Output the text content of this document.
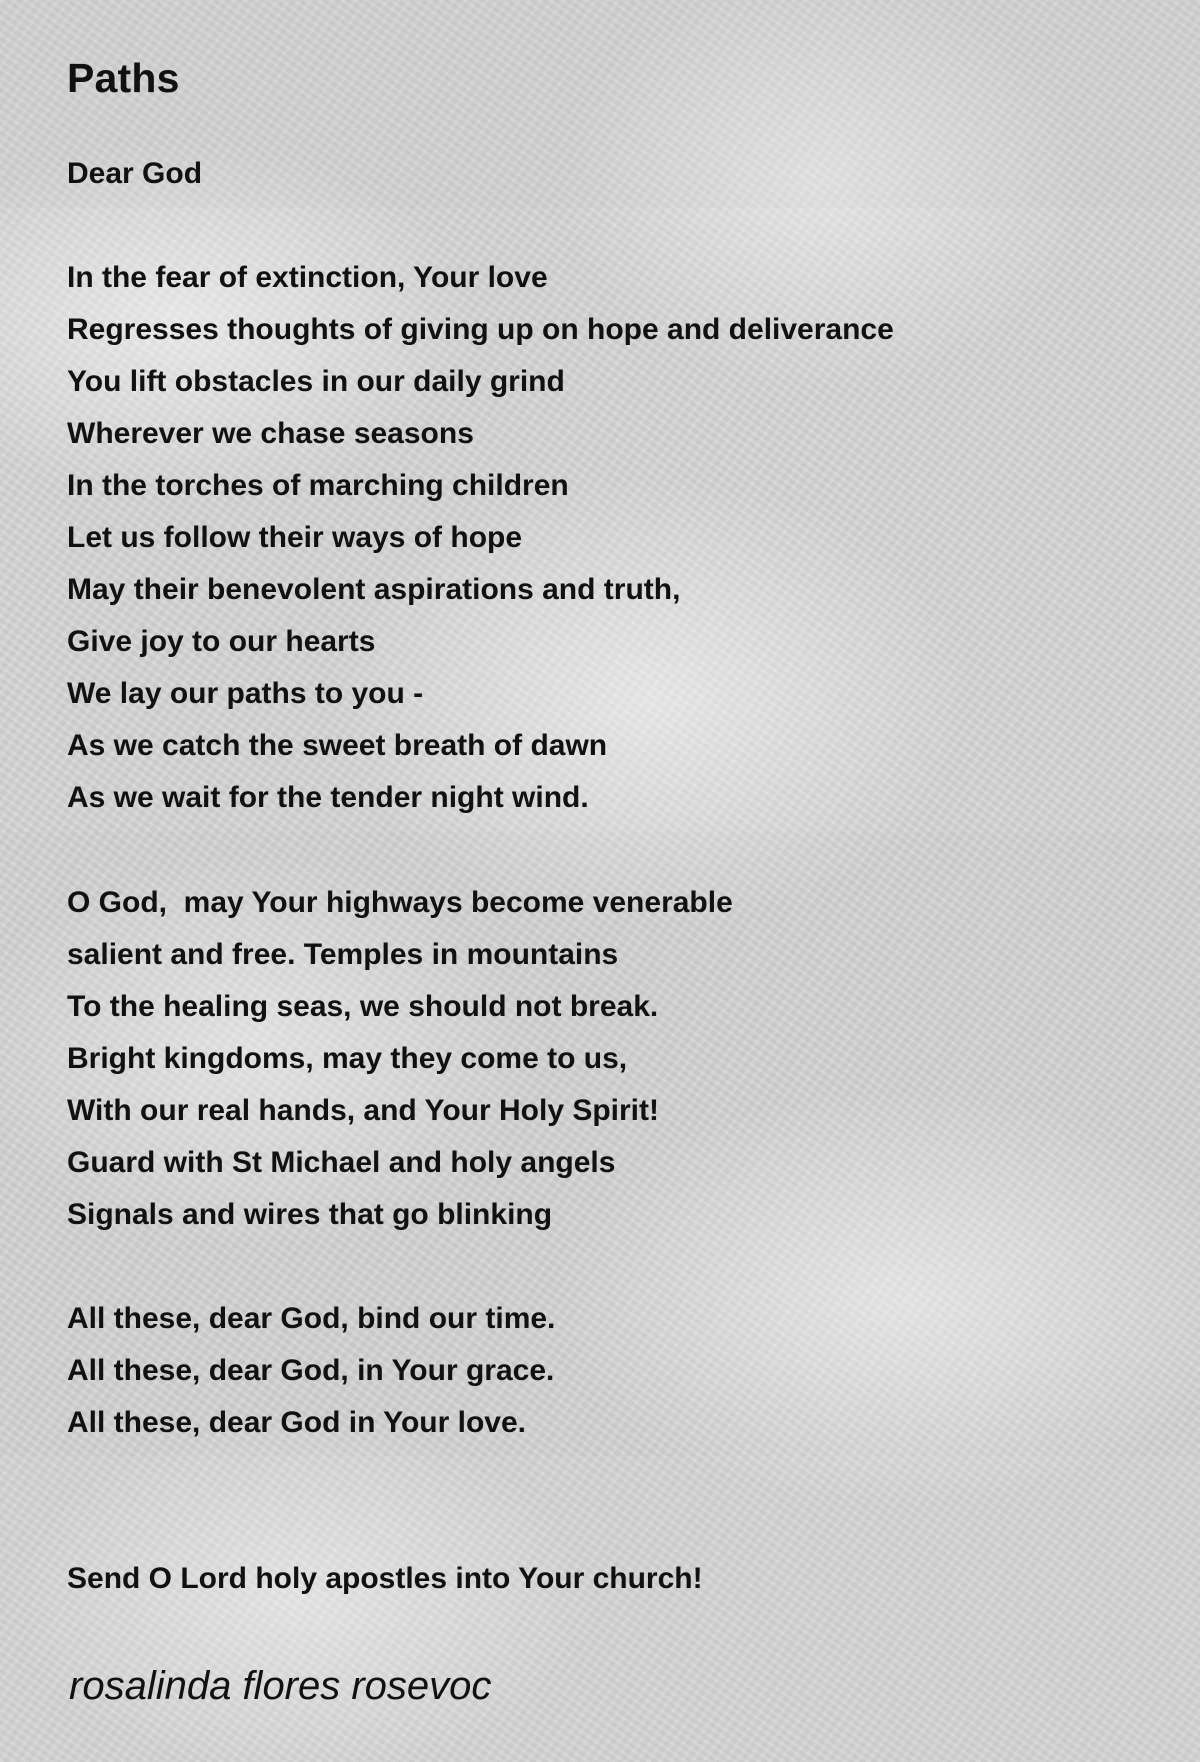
Paths

Dear God

In the fear of extinction, Your love
Regresses thoughts of giving up on hope and deliverance
You lift obstacles in our daily grind
Wherever we chase seasons
In the torches of marching children
Let us follow their ways of hope
May their benevolent aspirations and truth,
Give joy to our hearts
We lay our paths to you -
As we catch the sweet breath of dawn
As we wait for the tender night wind.

O God,  may Your highways become venerable
salient and free. Temples in mountains
To the healing seas, we should not break.
Bright kingdoms, may they come to us,
With our real hands, and Your Holy Spirit!
Guard with St Michael and holy angels
Signals and wires that go blinking

All these, dear God, bind our time.
All these, dear God, in Your grace.
All these, dear God in Your love.

Send O Lord holy apostles into Your church!

rosalinda flores rosevoc
